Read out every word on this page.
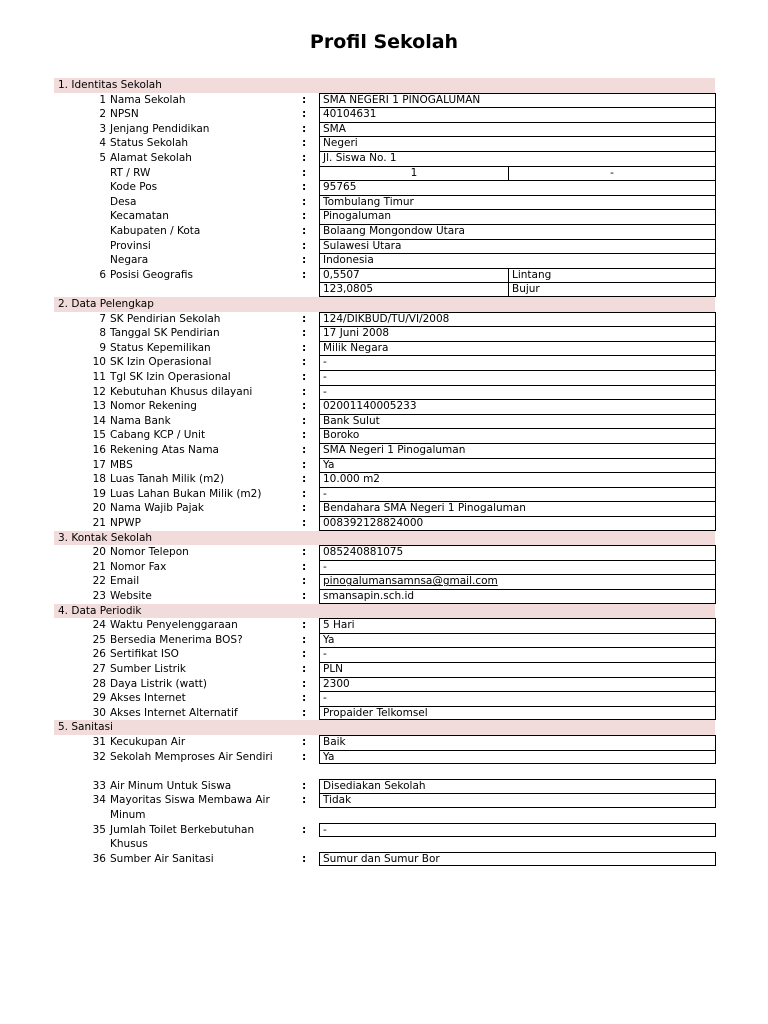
Profil Sekolah
1. Identitas Sekolah
1 Nama Sekolah	:	SMA NEGERI 1 PINOGALUMAN
2 NPSN	:	40104631
3 Jenjang Pendidikan	:	SMA
4 Status Sekolah	:	Negeri
5 Alamat Sekolah	:	Jl. Siswa No. 1
RT / RW	:	1	-
Kode Pos	:	95765
Desa	:	Tombulang Timur
Kecamatan	:	Pinogaluman
Kabupaten / Kota	:	Bolaang Mongondow Utara
Provinsi	:	Sulawesi Utara
Negara	:	Indonesia
6 Posisi Geografis	:	0,5507	Lintang
123,0805	Bujur
2. Data Pelengkap
7 SK Pendirian Sekolah	:	124/DIKBUD/TU/VI/2008
8 Tanggal SK Pendirian	:	17 Juni 2008
9 Status Kepemilikan	:	Milik Negara
10 SK Izin Operasional	:	-
11 Tgl SK Izin Operasional	:	-
12 Kebutuhan Khusus dilayani	:	-
13 Nomor Rekening	:	02001140005233
14 Nama Bank	:	Bank Sulut
15 Cabang KCP / Unit	:	Boroko
16 Rekening Atas Nama	:	SMA Negeri 1 Pinogaluman
17 MBS	:	Ya
18 Luas Tanah Milik (m2)	:	10.000 m2
19 Luas Lahan Bukan Milik (m2)	:	-
20 Nama Wajib Pajak	:	Bendahara SMA Negeri 1 Pinogaluman
21 NPWP	:	008392128824000
3. Kontak Sekolah
20 Nomor Telepon	:	085240881075
21 Nomor Fax	:	-
22 Email	:	pinogalumansamnsa@gmail.com
23 Website	:	smansapin.sch.id
4. Data Periodik
24 Waktu Penyelenggaraan	:	5 Hari
25 Bersedia Menerima BOS?	:	Ya
26 Sertifikat ISO	:	-
27 Sumber Listrik	:	PLN
28 Daya Listrik (watt)	:	2300
29 Akses Internet	:	-
30 Akses Internet Alternatif	:	Propaider Telkomsel
5. Sanitasi
31 Kecukupan Air	:	Baik
32 Sekolah Memproses Air Sendiri	:	Ya
33 Air Minum Untuk Siswa	:	Disediakan Sekolah
34 Mayoritas Siswa Membawa Air Minum
:	Tidak
35 Jumlah Toilet Berkebutuhan Khusus
:	-
36 Sumber Air Sanitasi	:	Sumur dan Sumur Bor
